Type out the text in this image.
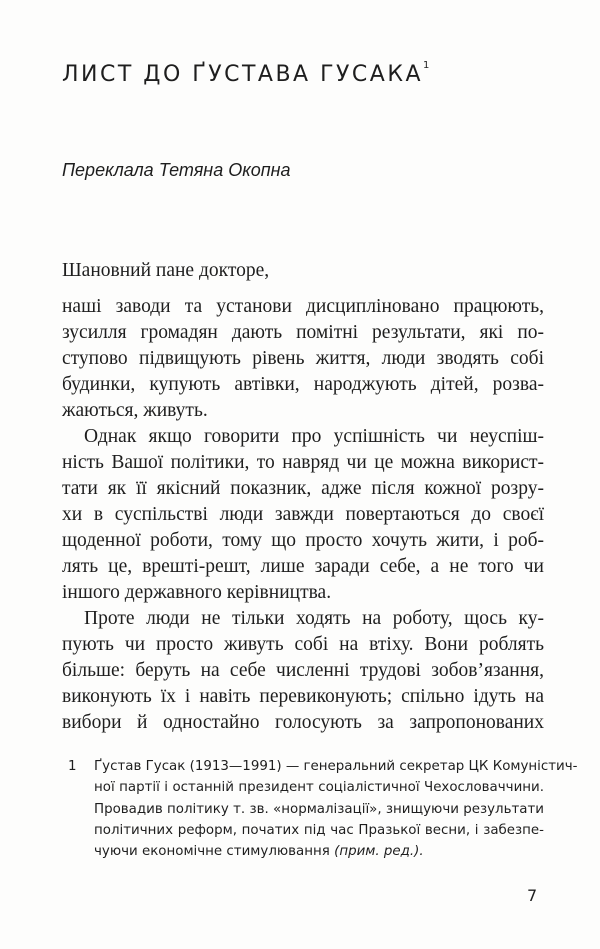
ЛИСТ ДО ҐУСТАВА ГУСАКА$^1$
Переклала Тетяна Окопна
Шановний пане докторе,
наші заводи та установи дисципліновано працюють,
зусилля громадян дають помітні результати, які по-
ступово підвищують рівень життя, люди зводять собі
будинки, купують автівки, народжують дітей, розва-
жаються, живуть.
Однак якщо говорити про успішність чи неуспіш-
ність Вашої політики, то навряд чи це можна використ-
тати як її якісний показник, адже після кожної розру-
хи в суспільстві люди завжди повертаються до своєї
щоденної роботи, тому що просто хочуть жити, і роб-
лять це, врешті-решт, лише заради себе, а не того чи
іншого державного керівництва.
Проте люди не тільки ходять на роботу, щось ку-
пують чи просто живуть собі на втіху. Вони роблять
більше: беруть на себе численні трудові зобов’язання,
виконують їх і навіть перевиконують; спільно ідуть на
вибори й одностайно голосують за запропонованих
1 Ґустав Гусак (1913—1991) — генеральний секретар ЦК Комуністич-
ної партії і останній президент соціалістичної Чехословаччини.
Провадив політику т. зв. «нормалізації», знищуючи результати
політичних реформ, початих під час Празької весни, і забезпе-
чуючи економічне стимулювання (прим. ред.).
7
